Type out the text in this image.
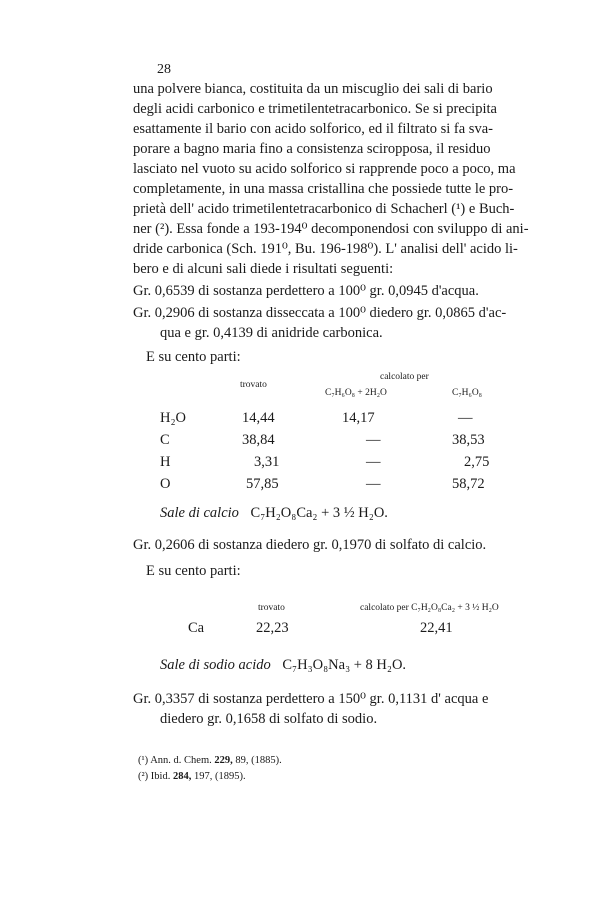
28
una polvere bianca, costituita da un miscuglio dei sali di bario
degli acidi carbonico e trimetilentetracarbonico. Se si precipita
esattamente il bario con acido solforico, ed il filtrato si fa sva-
porare a bagno maria fino a consistenza sciropposa, il residuo
lasciato nel vuoto su acido solforico si rapprende poco a poco, ma
completamente, in una massa cristallina che possiede tutte le pro-
prietà dell' acido trimetilentetracarbonico di Schacherl (¹) e Buch-
ner (²). Essa fonde a 193-194⁰ decomponendosi con sviluppo di ani-
dride carbonica (Sch. 191⁰, Bu. 196-198⁰). L' analisi dell' acido li-
bero e di alcuni sali diede i risultati seguenti:
Gr. 0,6539 di sostanza perdettero a 100⁰ gr. 0,0945 d'acqua.
Gr. 0,2906 di sostanza disseccata a 100⁰ diedero gr. 0,0865 d'ac-
qua e gr. 0,4139 di anidride carbonica.
E su cento parti:
trovato
calcolato per
C₇H₆O₈ + 2H₂O	C₇H₆O₈
H₂O	14,44	14,17	—
C	38,84	—	38,53
H	3,31	—	2,75
O	57,85	—	58,72
Sale di calcio C₇H₂O₈Ca₂ + 3 ½ H₂O.
Gr. 0,2606 di sostanza diedero gr. 0,1970 di solfato di calcio.
E su cento parti:
trovato	calcolato per C₇H₂O₈Ca₂ + 3 ½ H₂O
Ca	22,23	22,41
Sale di sodio acido C₇H₃O₈Na₃ + 8 H₂O.
Gr. 0,3357 di sostanza perdettero a 150⁰ gr. 0,1131 d' acqua e
diedero gr. 0,1658 di solfato di sodio.
(¹) Ann. d. Chem. 229, 89, (1885).
(²) Ibid. 284, 197, (1895).
